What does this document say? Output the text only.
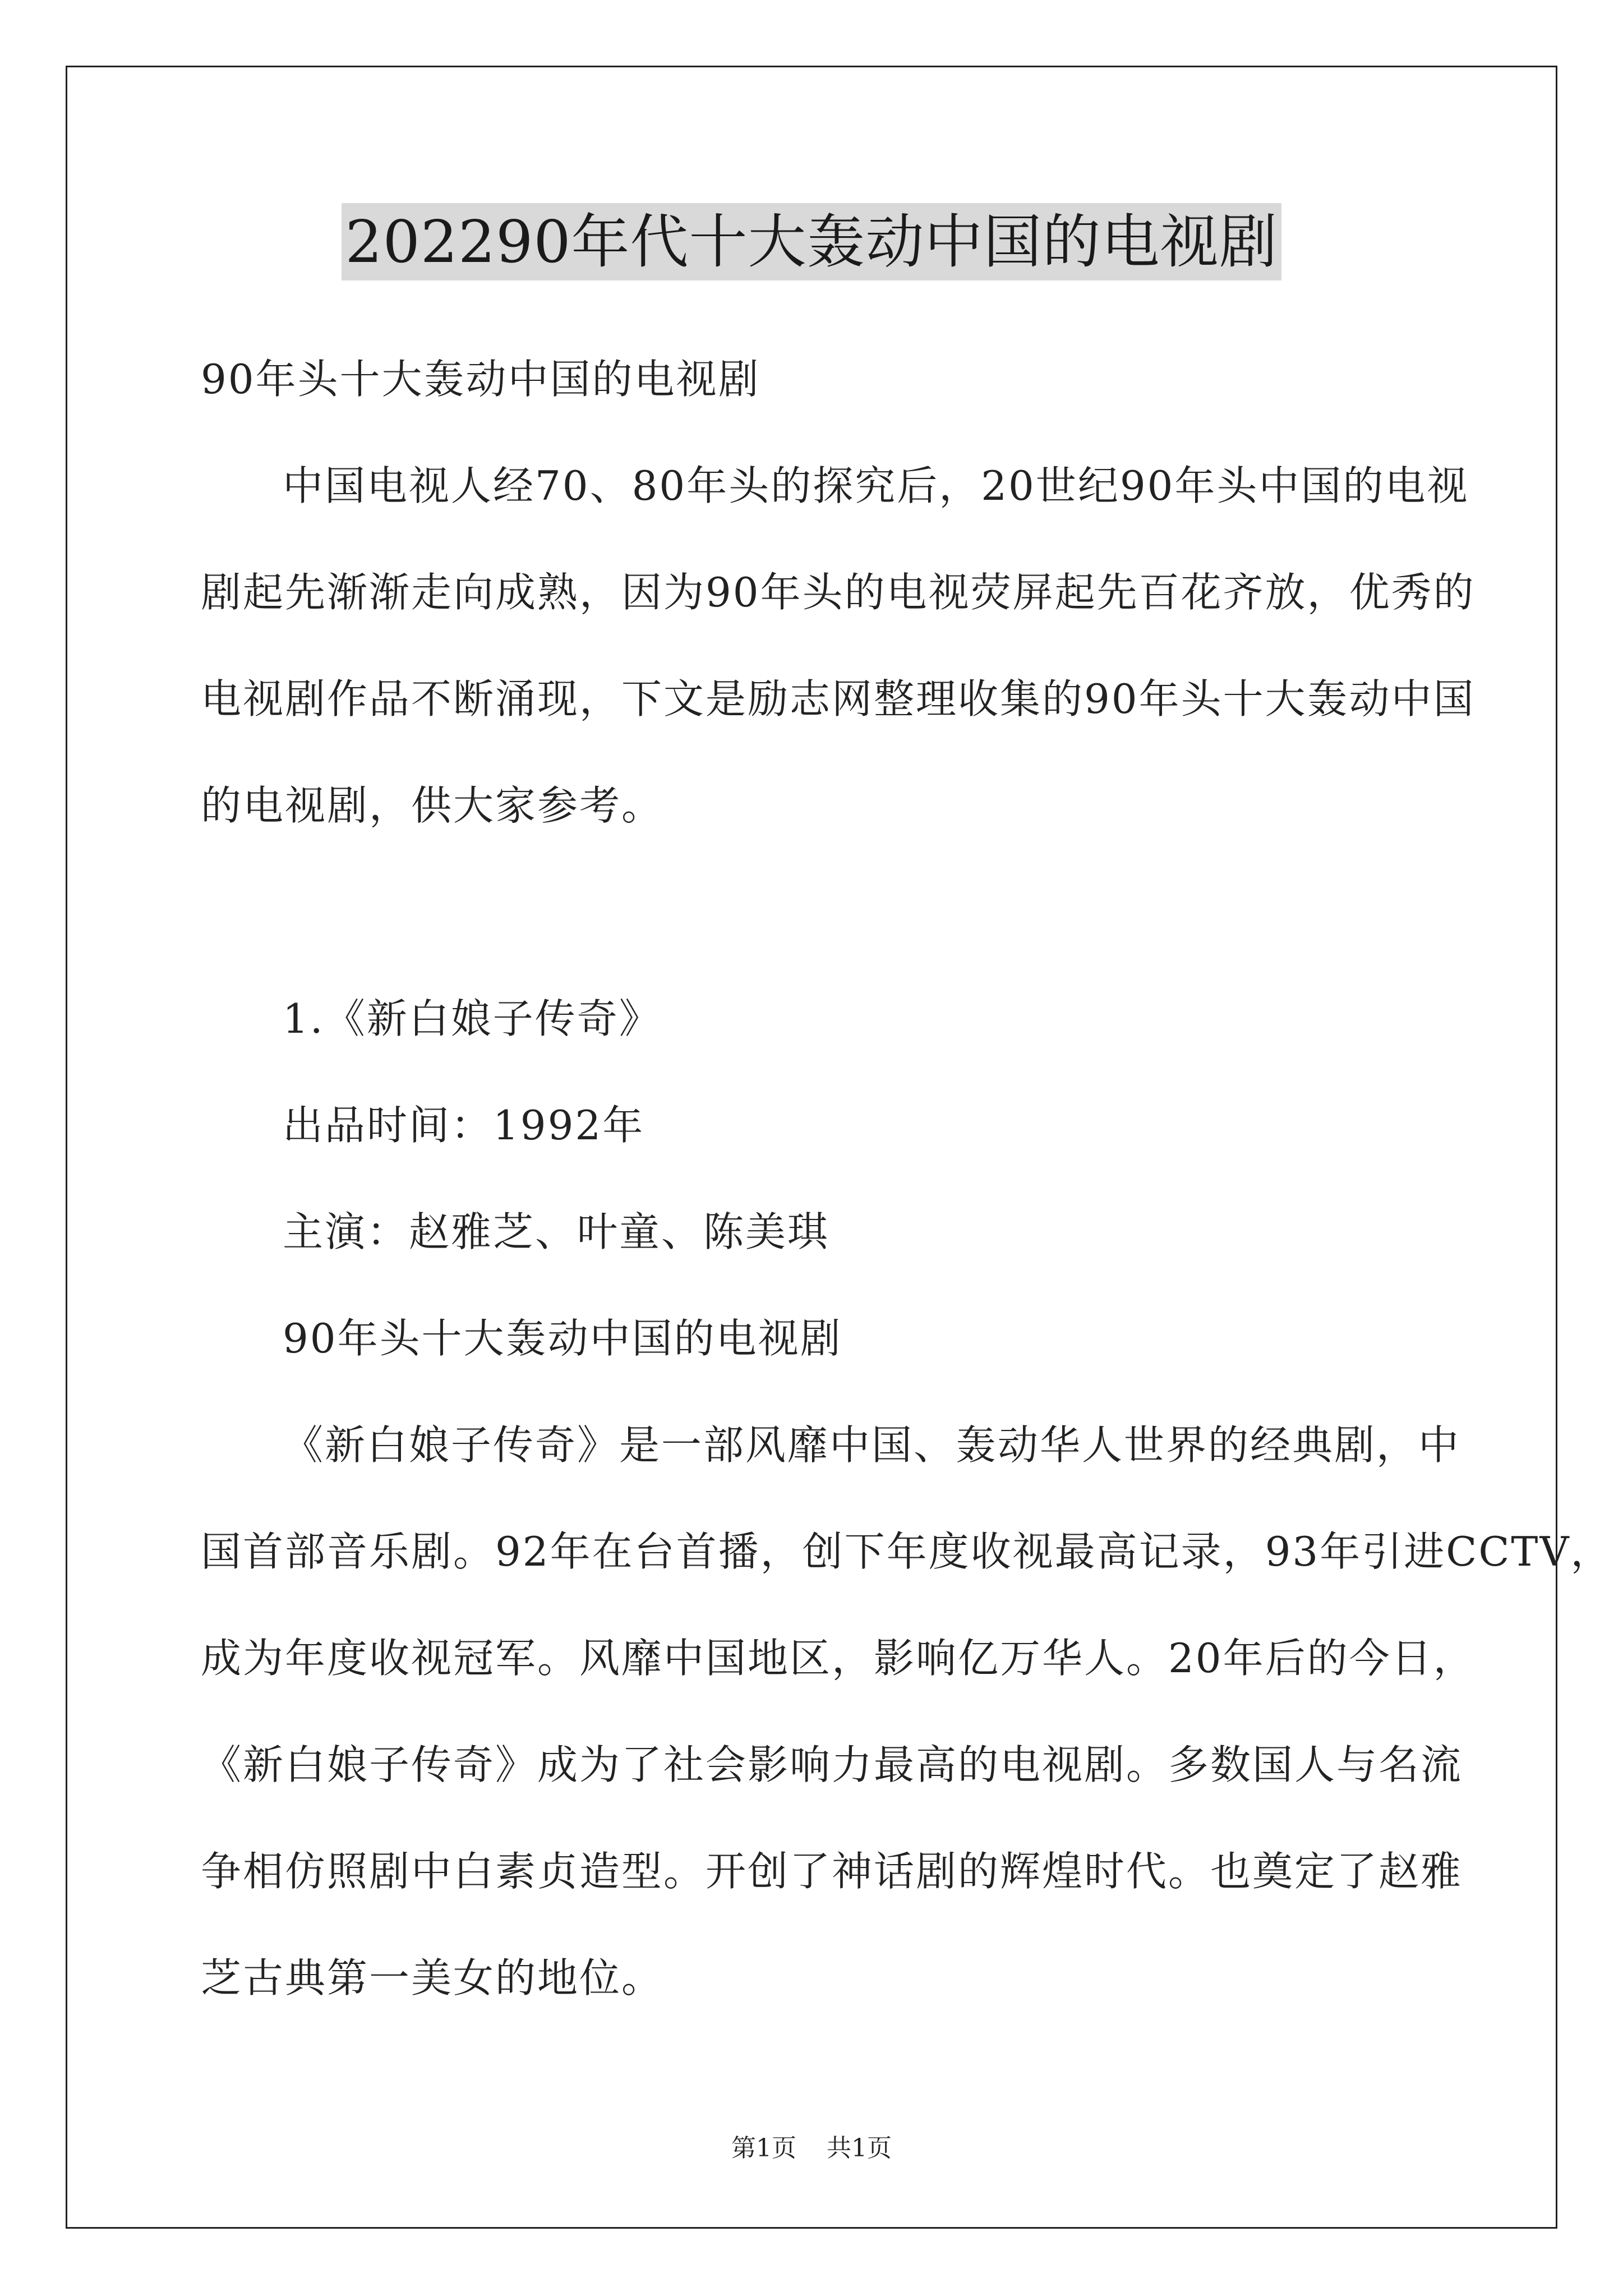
202290年代十大轰动中国的电视剧
90年头十大轰动中国的电视剧
中国电视人经70、80年头的探究后，20世纪90年头中国的电视
剧起先渐渐走向成熟，因为90年头的电视荧屏起先百花齐放，优秀的
电视剧作品不断涌现，下文是励志网整理收集的90年头十大轰动中国
的电视剧，供大家参考。
1.《新白娘子传奇》
出品时间：1992年
主演：赵雅芝、叶童、陈美琪
90年头十大轰动中国的电视剧
《新白娘子传奇》是一部风靡中国、轰动华人世界的经典剧，中
国首部音乐剧。92年在台首播，创下年度收视最高记录，93年引进CCTV，
成为年度收视冠军。风靡中国地区，影响亿万华人。20年后的今日，
《新白娘子传奇》成为了社会影响力最高的电视剧。多数国人与名流
争相仿照剧中白素贞造型。开创了神话剧的辉煌时代。也奠定了赵雅
芝古典第一美女的地位。
第1页 共1页
